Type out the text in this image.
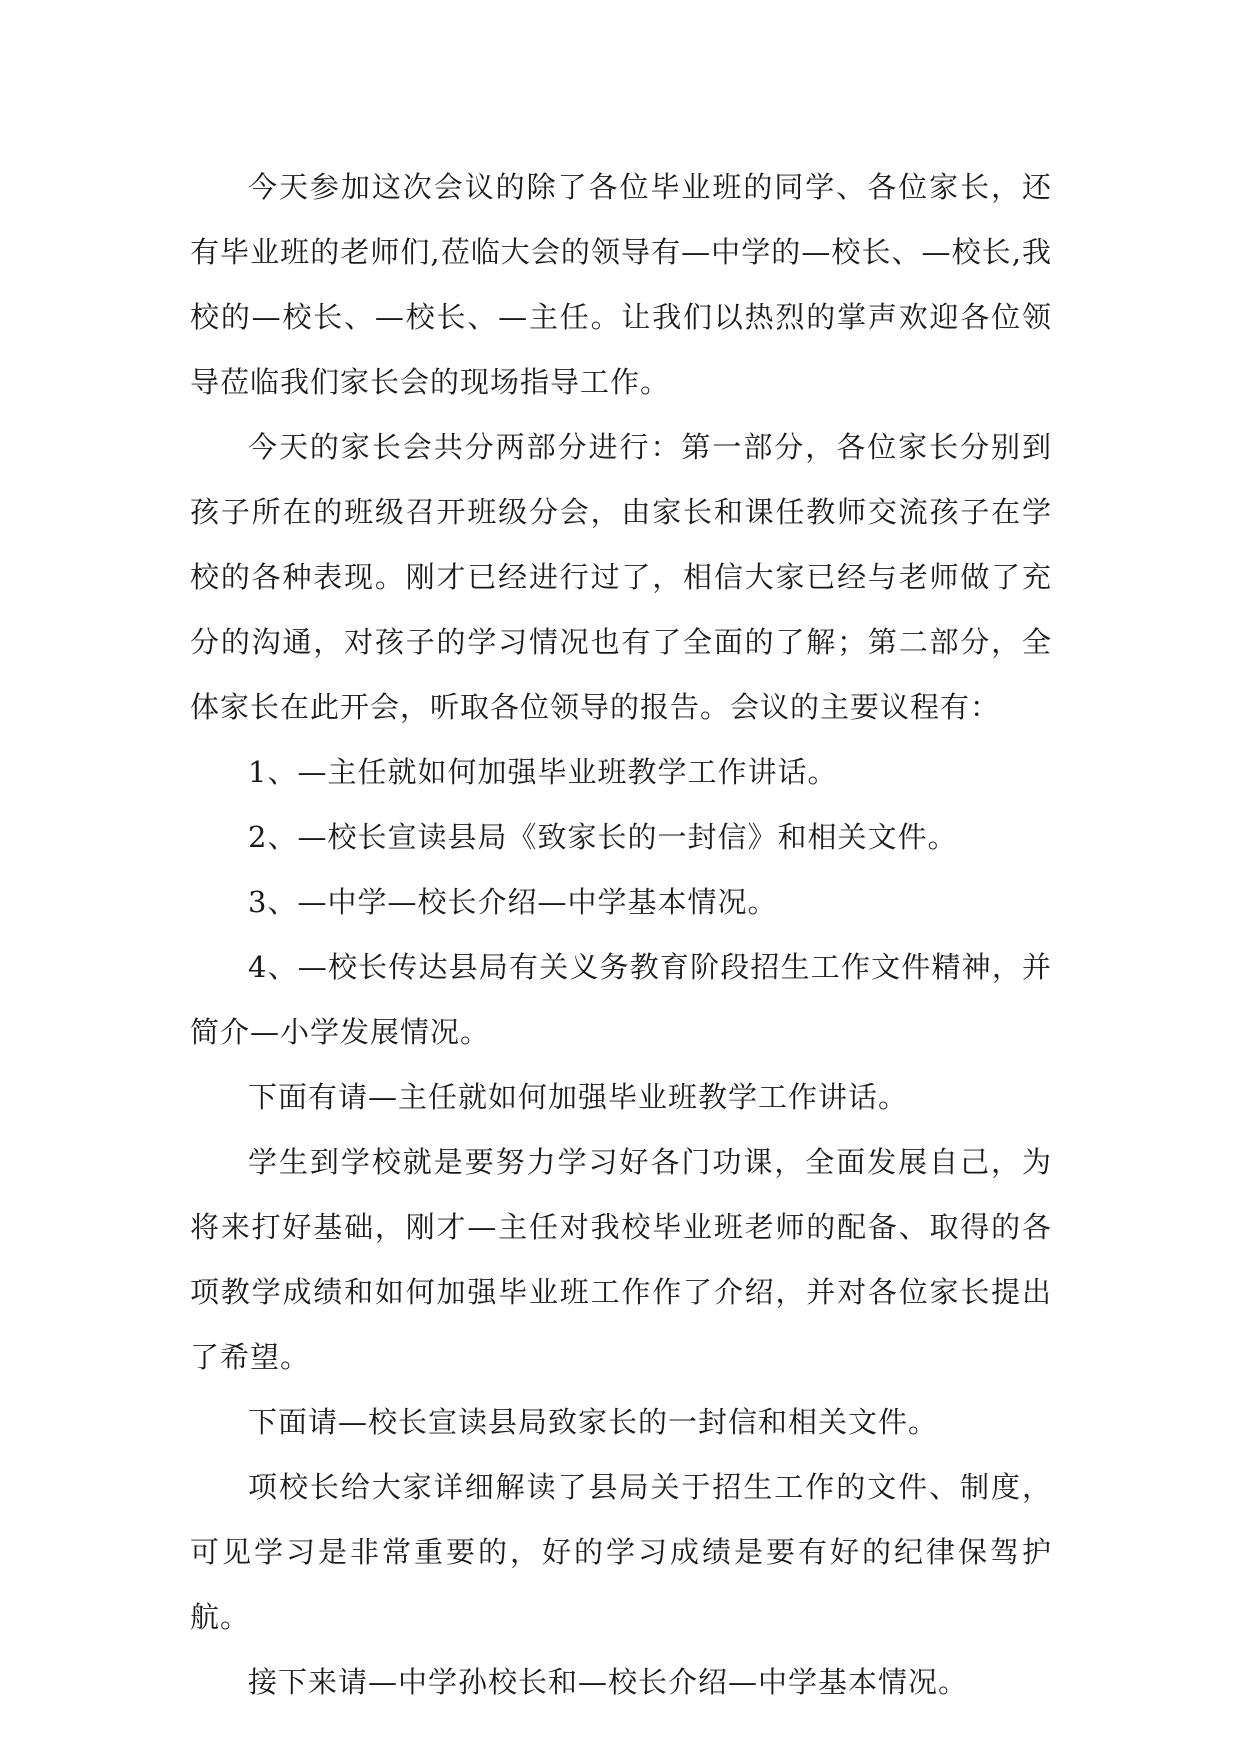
今天参加这次会议的除了各位毕业班的同学、各位家长，还有毕业班的老师们,莅临大会的领导有—中学的—校长、—校长,我校的—校长、—校长、—主任。让我们以热烈的掌声欢迎各位领导莅临我们家长会的现场指导工作。

今天的家长会共分两部分进行：第一部分，各位家长分别到孩子所在的班级召开班级分会，由家长和课任教师交流孩子在学校的各种表现。刚才已经进行过了，相信大家已经与老师做了充分的沟通，对孩子的学习情况也有了全面的了解；第二部分，全体家长在此开会，听取各位领导的报告。会议的主要议程有：

1、—主任就如何加强毕业班教学工作讲话。

2、—校长宣读县局《致家长的一封信》和相关文件。

3、—中学—校长介绍—中学基本情况。

4、—校长传达县局有关义务教育阶段招生工作文件精神，并简介—小学发展情况。

下面有请—主任就如何加强毕业班教学工作讲话。

学生到学校就是要努力学习好各门功课，全面发展自己，为将来打好基础，刚才—主任对我校毕业班老师的配备、取得的各项教学成绩和如何加强毕业班工作作了介绍，并对各位家长提出了希望。

下面请—校长宣读县局致家长的一封信和相关文件。

项校长给大家详细解读了县局关于招生工作的文件、制度，可见学习是非常重要的，好的学习成绩是要有好的纪律保驾护航。

接下来请—中学孙校长和—校长介绍—中学基本情况。
